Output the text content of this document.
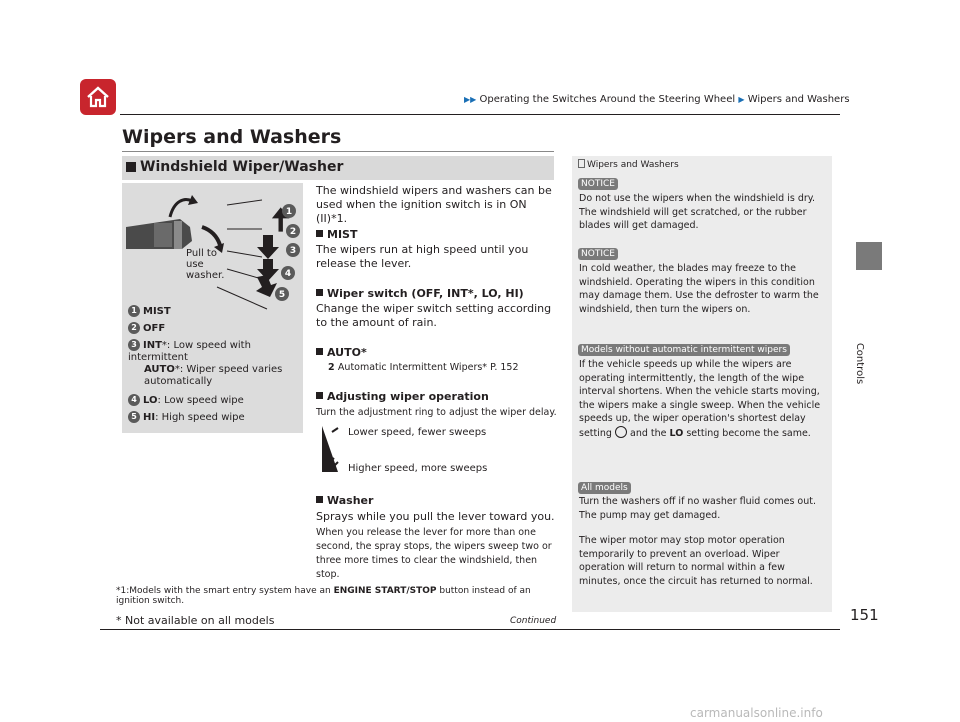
▶▶ Operating the Switches Around the Steering Wheel ▶ Wipers and Washers
Controls
Wipers and Washers
Windshield Wiper/Washer
1
2
3
4
5
Pull to use washer.
1 MIST
2 OFF
3 INT*: Low speed with intermittent
AUTO*: Wiper speed varies automatically
4 LO: Low speed wipe
5 HI: High speed wipe
The windshield wipers and washers can be used when the ignition switch is in ON (II)*1.
MIST
The wipers run at high speed until you release the lever.
Wiper switch (OFF, INT*, LO, HI)
Change the wiper switch setting according to the amount of rain.
AUTO*
2 Automatic Intermittent Wipers* P. 152
Adjusting wiper operation
Turn the adjustment ring to adjust the wiper delay.
Lower speed, fewer sweeps
Higher speed, more sweeps
Washer
Sprays while you pull the lever toward you.
When you release the lever for more than one second, the spray stops, the wipers sweep two or three more times to clear the windshield, then stop.
*1:Models with the smart entry system have an ENGINE START/STOP button instead of an ignition switch.
Continued	151
* Not available on all models
Wipers and Washers
NOTICE
Do not use the wipers when the windshield is dry. The windshield will get scratched, or the rubber blades will get damaged.
NOTICE
In cold weather, the blades may freeze to the windshield. Operating the wipers in this condition may damage them. Use the defroster to warm the windshield, then turn the wipers on.
Models without automatic intermittent wipers
If the vehicle speeds up while the wipers are operating intermittently, the length of the wipe interval shortens. When the vehicle starts moving, the wipers make a single sweep. When the vehicle speeds up, the wiper operation's shortest delay setting and the LO setting become the same.
All models
Turn the washers off if no washer fluid comes out. The pump may get damaged.
The wiper motor may stop motor operation temporarily to prevent an overload. Wiper operation will return to normal within a few minutes, once the circuit has returned to normal.
carmanualsonline.info
